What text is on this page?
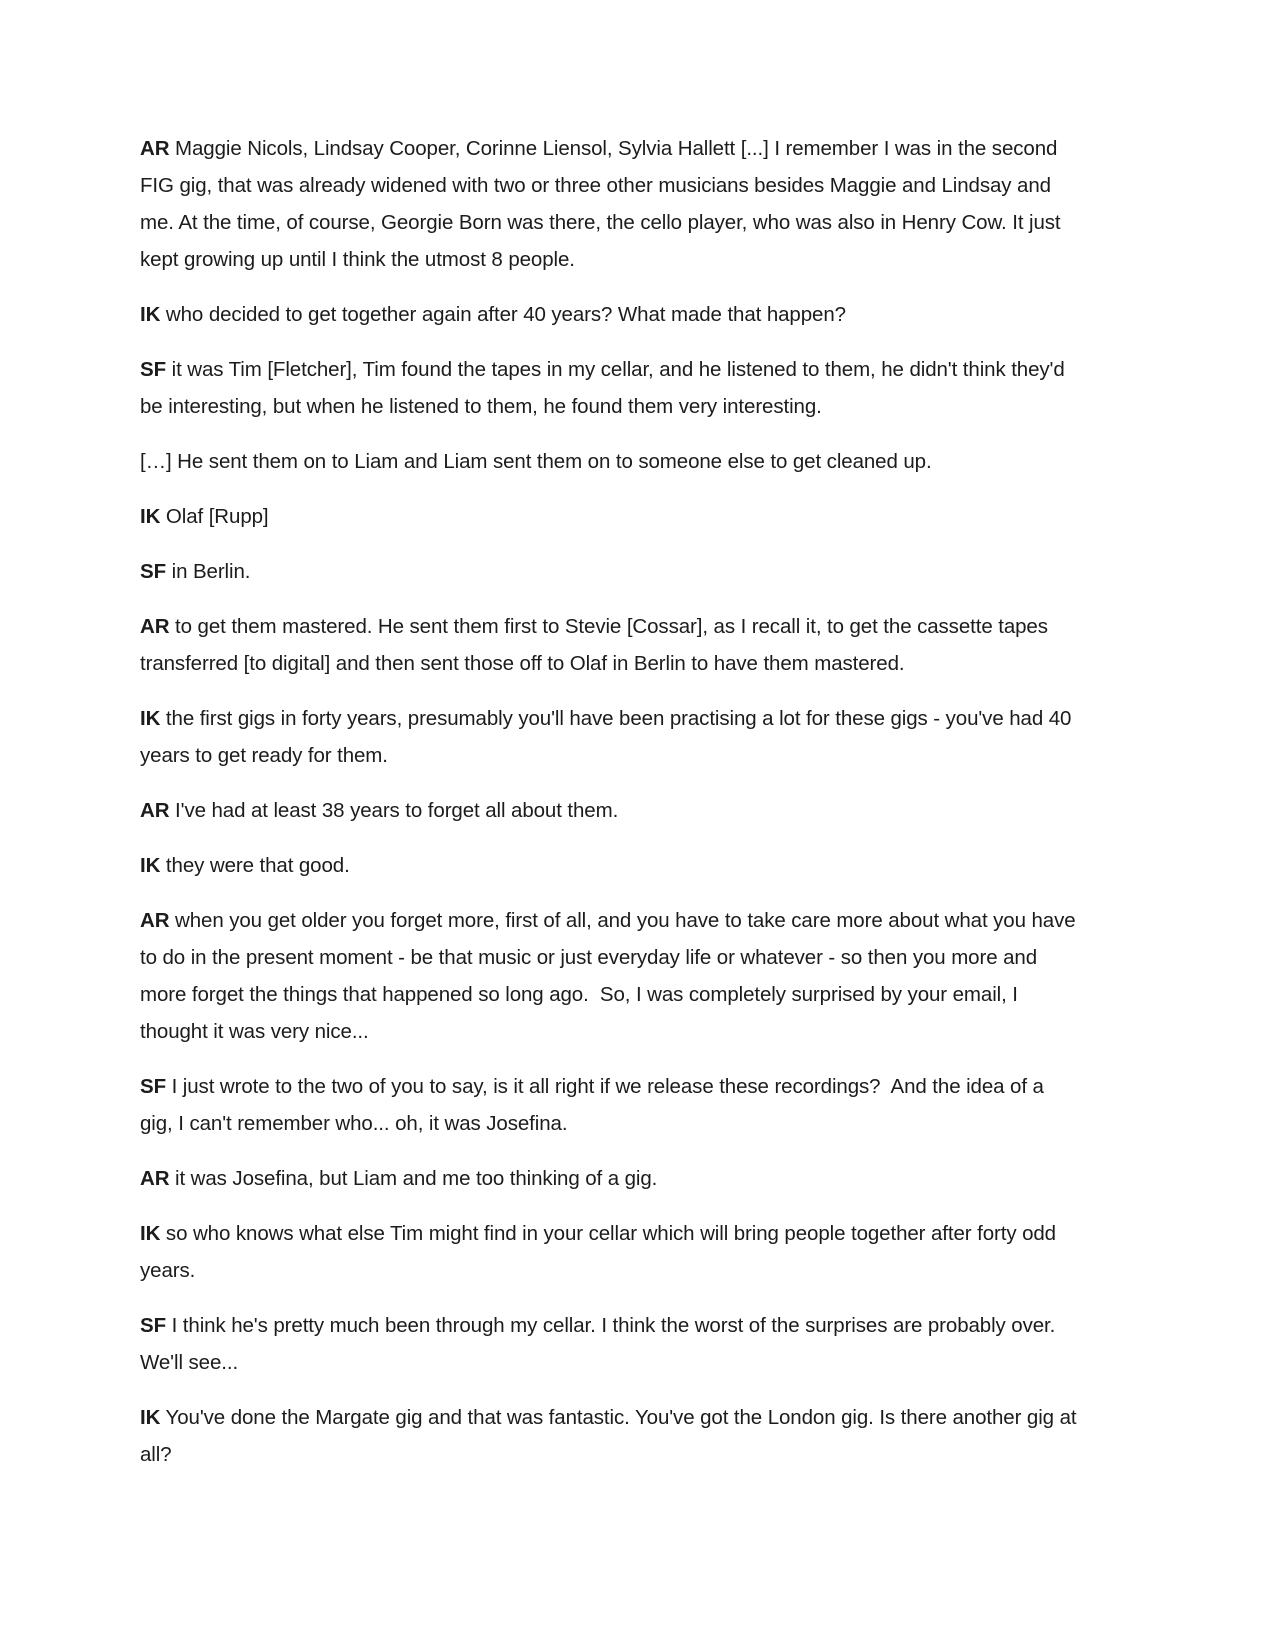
AR Maggie Nicols, Lindsay Cooper, Corinne Liensol, Sylvia Hallett [...] I remember I was in the second FIG gig, that was already widened with two or three other musicians besides Maggie and Lindsay and me. At the time, of course, Georgie Born was there, the cello player, who was also in Henry Cow. It just kept growing up until I think the utmost 8 people.

IK who decided to get together again after 40 years? What made that happen?

SF it was Tim [Fletcher], Tim found the tapes in my cellar, and he listened to them, he didn't think they'd be interesting, but when he listened to them, he found them very interesting.

[…] He sent them on to Liam and Liam sent them on to someone else to get cleaned up.

IK Olaf [Rupp]

SF in Berlin.

AR to get them mastered. He sent them first to Stevie [Cossar], as I recall it, to get the cassette tapes transferred [to digital] and then sent those off to Olaf in Berlin to have them mastered.

IK the first gigs in forty years, presumably you'll have been practising a lot for these gigs - you've had 40 years to get ready for them.

AR I've had at least 38 years to forget all about them.

IK they were that good.

AR when you get older you forget more, first of all, and you have to take care more about what you have to do in the present moment - be that music or just everyday life or whatever - so then you more and more forget the things that happened so long ago.  So, I was completely surprised by your email, I thought it was very nice...

SF I just wrote to the two of you to say, is it all right if we release these recordings?  And the idea of a gig, I can't remember who... oh, it was Josefina.

AR it was Josefina, but Liam and me too thinking of a gig.

IK so who knows what else Tim might find in your cellar which will bring people together after forty odd years.

SF I think he's pretty much been through my cellar. I think the worst of the surprises are probably over. We'll see...

IK You've done the Margate gig and that was fantastic. You've got the London gig. Is there another gig at all?
